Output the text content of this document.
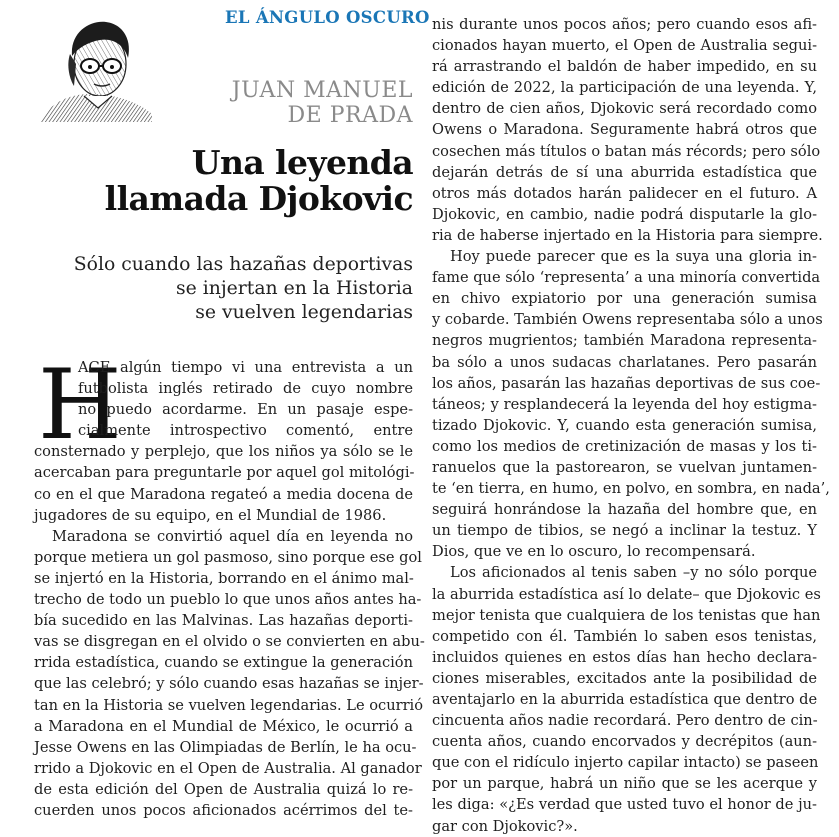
EL ÁNGULO OSCURO
JUAN MANUEL
DE PRADA
Una leyenda
llamada Djokovic
Sólo cuando las hazañas deportivas
se injertan en la Historia
se vuelven legendarias
H
ACE algún tiempo vi una entrevista a un
futbolista inglés retirado de cuyo nombre
no puedo acordarme. En un pasaje espe-
cialmente introspectivo comentó, entre
consternado y perplejo, que los niños ya sólo se le
acercaban para preguntarle por aquel gol mitológi-
co en el que Maradona regateó a media docena de
jugadores de su equipo, en el Mundial de 1986.
Maradona se convirtió aquel día en leyenda no
porque metiera un gol pasmoso, sino porque ese gol
se injertó en la Historia, borrando en el ánimo mal-
trecho de todo un pueblo lo que unos años antes ha-
bía sucedido en las Malvinas. Las hazañas deporti-
vas se disgregan en el olvido o se convierten en abu-
rrida estadística, cuando se extingue la generación
que las celebró; y sólo cuando esas hazañas se injer-
tan en la Historia se vuelven legendarias. Le ocurrió
a Maradona en el Mundial de México, le ocurrió a
Jesse Owens en las Olimpiadas de Berlín, le ha ocu-
rrido a Djokovic en el Open de Australia. Al ganador
de esta edición del Open de Australia quizá lo re-
cuerden unos pocos aficionados acérrimos del te-
nis durante unos pocos años; pero cuando esos afi-
cionados hayan muerto, el Open de Australia segui-
rá arrastrando el baldón de haber impedido, en su
edición de 2022, la participación de una leyenda. Y,
dentro de cien años, Djokovic será recordado como
Owens o Maradona. Seguramente habrá otros que
cosechen más títulos o batan más récords; pero sólo
dejarán detrás de sí una aburrida estadística que
otros más dotados harán palidecer en el futuro. A
Djokovic, en cambio, nadie podrá disputarle la glo-
ria de haberse injertado en la Historia para siempre.
Hoy puede parecer que es la suya una gloria in-
fame que sólo ‘representa’ a una minoría convertida
en chivo expiatorio por una generación sumisa
y cobarde. También Owens representaba sólo a unos
negros mugrientos; también Maradona representa-
ba sólo a unos sudacas charlatanes. Pero pasarán
los años, pasarán las hazañas deportivas de sus coe-
táneos; y resplandecerá la leyenda del hoy estigma-
tizado Djokovic. Y, cuando esta generación sumisa,
como los medios de cretinización de masas y los ti-
ranuelos que la pastorearon, se vuelvan juntamen-
te ‘en tierra, en humo, en polvo, en sombra, en nada’,
seguirá honrándose la hazaña del hombre que, en
un tiempo de tibios, se negó a inclinar la testuz. Y
Dios, que ve en lo oscuro, lo recompensará.
Los aficionados al tenis saben –y no sólo porque
la aburrida estadística así lo delate– que Djokovic es
mejor tenista que cualquiera de los tenistas que han
competido con él. También lo saben esos tenistas,
incluidos quienes en estos días han hecho declara-
ciones miserables, excitados ante la posibilidad de
aventajarlo en la aburrida estadística que dentro de
cincuenta años nadie recordará. Pero dentro de cin-
cuenta años, cuando encorvados y decrépitos (aun-
que con el ridículo injerto capilar intacto) se paseen
por un parque, habrá un niño que se les acerque y
les diga: «¿Es verdad que usted tuvo el honor de ju-
gar con Djokovic?».
